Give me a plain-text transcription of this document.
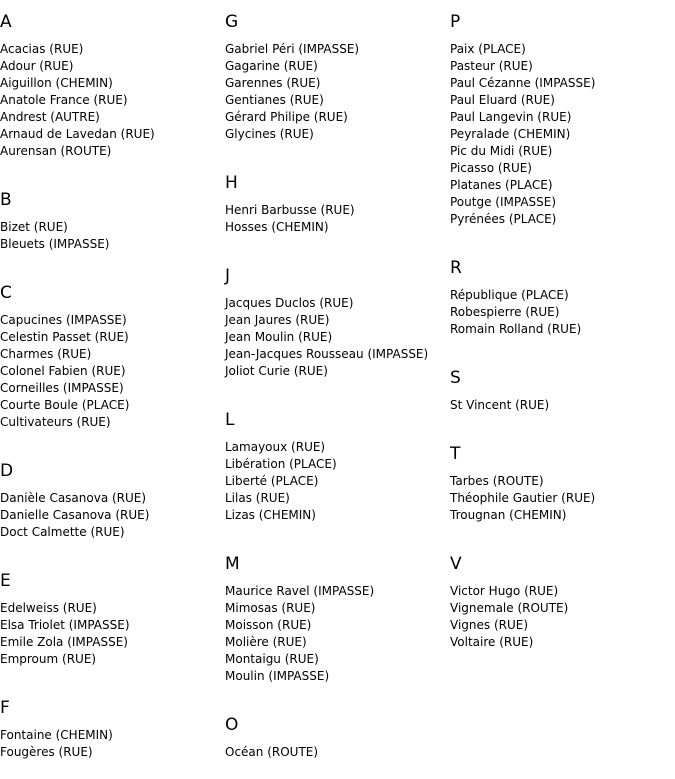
A
Acacias (RUE)
Adour (RUE)
Aiguillon (CHEMIN)
Anatole France (RUE)
Andrest (AUTRE)
Arnaud de Lavedan (RUE)
Aurensan (ROUTE)
B
Bizet (RUE)
Bleuets (IMPASSE)
C
Capucines (IMPASSE)
Celestin Passet (RUE)
Charmes (RUE)
Colonel Fabien (RUE)
Corneilles (IMPASSE)
Courte Boule (PLACE)
Cultivateurs (RUE)
D
Danièle Casanova (RUE)
Danielle Casanova (RUE)
Doct Calmette (RUE)
E
Edelweiss (RUE)
Elsa Triolet (IMPASSE)
Emile Zola (IMPASSE)
Emproum (RUE)
F
Fontaine (CHEMIN)
Fougères (RUE)
G
Gabriel Péri (IMPASSE)
Gagarine (RUE)
Garennes (RUE)
Gentianes (RUE)
Gérard Philipe (RUE)
Glycines (RUE)
H
Henri Barbusse (RUE)
Hosses (CHEMIN)
J
Jacques Duclos (RUE)
Jean Jaures (RUE)
Jean Moulin (RUE)
Jean-Jacques Rousseau (IMPASSE)
Joliot Curie (RUE)
L
Lamayoux (RUE)
Libération (PLACE)
Liberté (PLACE)
Lilas (RUE)
Lizas (CHEMIN)
M
Maurice Ravel (IMPASSE)
Mimosas (RUE)
Moisson (RUE)
Molière (RUE)
Montaigu (RUE)
Moulin (IMPASSE)
O
Océan (ROUTE)
P
Paix (PLACE)
Pasteur (RUE)
Paul Cézanne (IMPASSE)
Paul Eluard (RUE)
Paul Langevin (RUE)
Peyralade (CHEMIN)
Pic du Midi (RUE)
Picasso (RUE)
Platanes (PLACE)
Poutge (IMPASSE)
Pyrénées (PLACE)
R
République (PLACE)
Robespierre (RUE)
Romain Rolland (RUE)
S
St Vincent (RUE)
T
Tarbes (ROUTE)
Théophile Gautier (RUE)
Trougnan (CHEMIN)
V
Victor Hugo (RUE)
Vignemale (ROUTE)
Vignes (RUE)
Voltaire (RUE)
